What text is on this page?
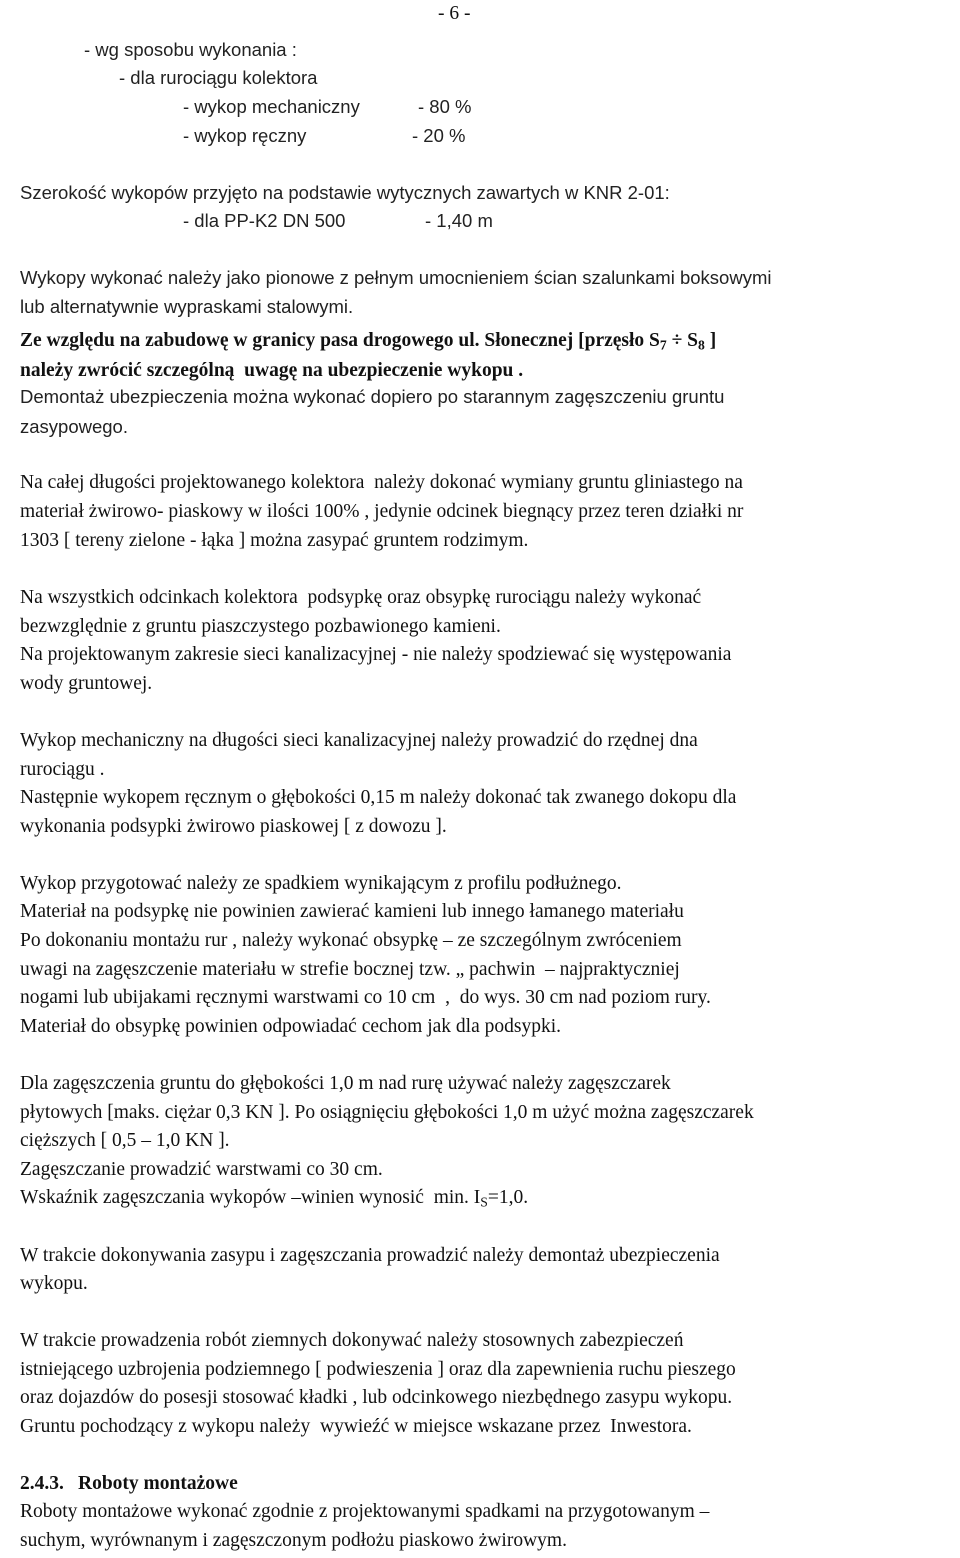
- 6 -
- wg sposobu wykonania :
- dla rurociągu kolektora
- wykop mechaniczny	- 80 %
- wykop ręczny	- 20 %
Szerokość wykopów przyjęto na podstawie wytycznych zawartych w KNR 2-01:
- dla PP-K2 DN 500	- 1,40 m
Wykopy wykonać należy jako pionowe z pełnym umocnieniem ścian szalunkami boksowymi
lub alternatywnie wypraskami stalowymi.
Ze względu na zabudowę w granicy pasa drogowego ul. Słonecznej [przęsło $S_7 \div S_8$ ]
należy zwrócić szczególną  uwagę na ubezpieczenie wykopu .
Demontaż ubezpieczenia można wykonać dopiero po starannym zagęszczeniu gruntu
zasypowego.
Na całej długości projektowanego kolektora  należy dokonać wymiany gruntu gliniastego na
materiał żwirowo- piaskowy w ilości 100% , jedynie odcinek biegnący przez teren działki nr
1303 [ tereny zielone - łąka ] można zasypać gruntem rodzimym.
Na wszystkich odcinkach kolektora  podsypkę oraz obsypkę rurociągu należy wykonać
bezwzględnie z gruntu piaszczystego pozbawionego kamieni.
Na projektowanym zakresie sieci kanalizacyjnej - nie należy spodziewać się występowania
wody gruntowej.
Wykop mechaniczny na długości sieci kanalizacyjnej należy prowadzić do rzędnej dna
rurociągu .
Następnie wykopem ręcznym o głębokości 0,15 m należy dokonać tak zwanego dokopu dla
wykonania podsypki żwirowo piaskowej [ z dowozu ].
Wykop przygotować należy ze spadkiem wynikającym z profilu podłużnego.
Materiał na podsypkę nie powinien zawierać kamieni lub innego łamanego materiału
Po dokonaniu montażu rur , należy wykonać obsypkę – ze szczególnym zwróceniem
uwagi na zagęszczenie materiału w strefie bocznej tzw. „ pachwin  – najpraktyczniej
nogami lub ubijakami ręcznymi warstwami co 10 cm  ,  do wys. 30 cm nad poziom rury.
Materiał do obsypkę powinien odpowiadać cechom jak dla podsypki.
Dla zagęszczenia gruntu do głębokości 1,0 m nad rurę używać należy zagęszczarek
płytowych [maks. ciężar 0,3 KN ]. Po osiągnięciu głębokości 1,0 m użyć można zagęszczarek
cięższych [ 0,5 – 1,0 KN ].
Zagęszczanie prowadzić warstwami co 30 cm.
Wskaźnik zagęszczania wykopów –winien wynosić  min. $I_S=1,0$.
W trakcie dokonywania zasypu i zagęszczania prowadzić należy demontaż ubezpieczenia
wykopu.
W trakcie prowadzenia robót ziemnych dokonywać należy stosownych zabezpieczeń
istniejącego uzbrojenia podziemnego [ podwieszenia ] oraz dla zapewnienia ruchu pieszego
oraz dojazdów do posesji stosować kładki , lub odcinkowego niezbędnego zasypu wykopu.
Gruntu pochodzący z wykopu należy  wywieźć w miejsce wskazane przez  Inwestora.
2.4.3. Roboty montażowe
Roboty montażowe wykonać zgodnie z projektowanymi spadkami na przygotowanym –
suchym, wyrównanym i zagęszczonym podłożu piaskowo żwirowym.
